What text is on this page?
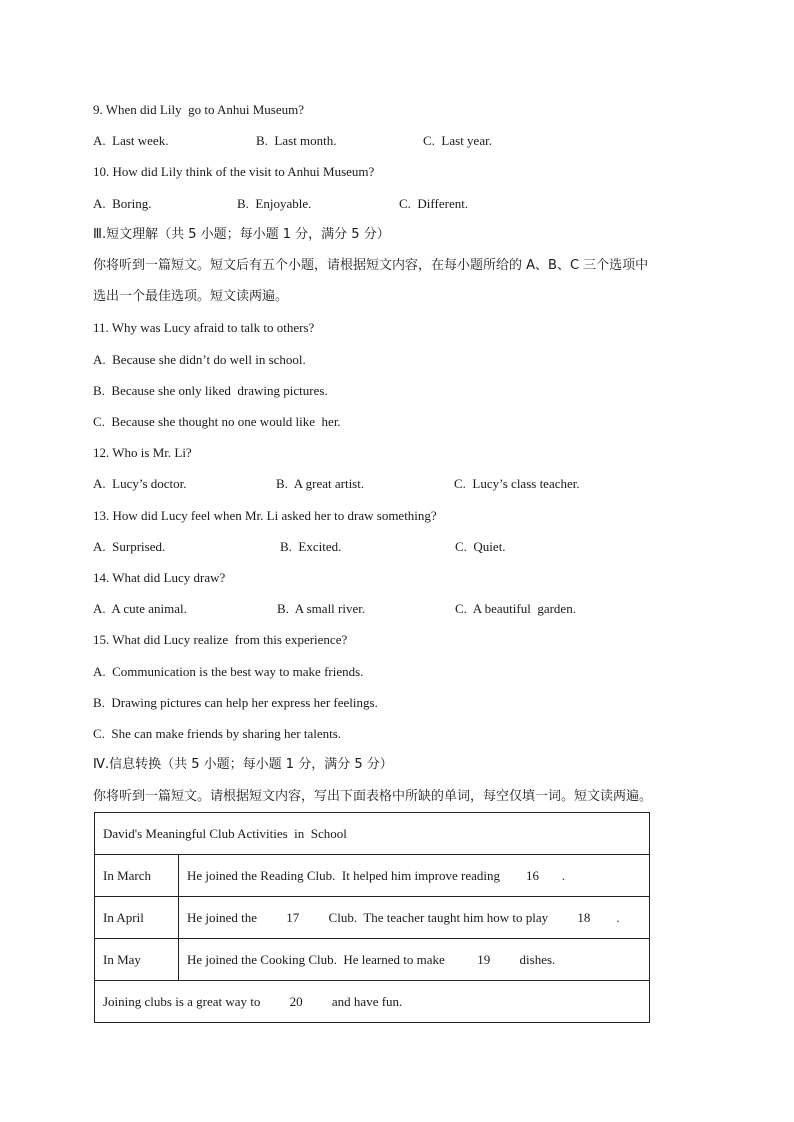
9. When did Lily  go to Anhui Museum?
A.  Last week.	B.  Last month.	C.  Last year.
10. How did Lily think of the visit to Anhui Museum?
A.  Boring.	B.  Enjoyable.	C.  Different.
Ⅲ.短文理解（共 5 小题；每小题 1 分，满分 5 分）
你将听到一篇短文。短文后有五个小题，请根据短文内容，在每小题所给的 A、B、C 三个选项中
选出一个最佳选项。短文读两遍。
11. Why was Lucy afraid to talk to others?
A.  Because she didn’t do well in school.
B.  Because she only liked  drawing pictures.
C.  Because she thought no one would like  her.
12. Who is Mr. Li?
A.  Lucy’s doctor.	B.  A great artist.	C.  Lucy’s class teacher.
13. How did Lucy feel when Mr. Li asked her to draw something?
A.  Surprised.	B.  Excited.	C.  Quiet.
14. What did Lucy draw?
A.  A cute animal.	B.  A small river.	C.  A beautiful  garden.
15. What did Lucy realize  from this experience?
A.  Communication is the best way to make friends.
B.  Drawing pictures can help her express her feelings.
C.  She can make friends by sharing her talents.
Ⅳ.信息转换（共 5 小题；每小题 1 分，满分 5 分）
你将听到一篇短文。请根据短文内容，写出下面表格中所缺的单词，每空仅填一词。短文读两遍。
David's Meaningful Club Activities  in  School	
In March	He joined the Reading Club.  It helped him improve reading        16       .
In April	He joined the         17         Club.  The teacher taught him how to play         18        .
In May	He joined the Cooking Club.  He learned to make          19         dishes.
Joining clubs is a great way to         20         and have fun.	
